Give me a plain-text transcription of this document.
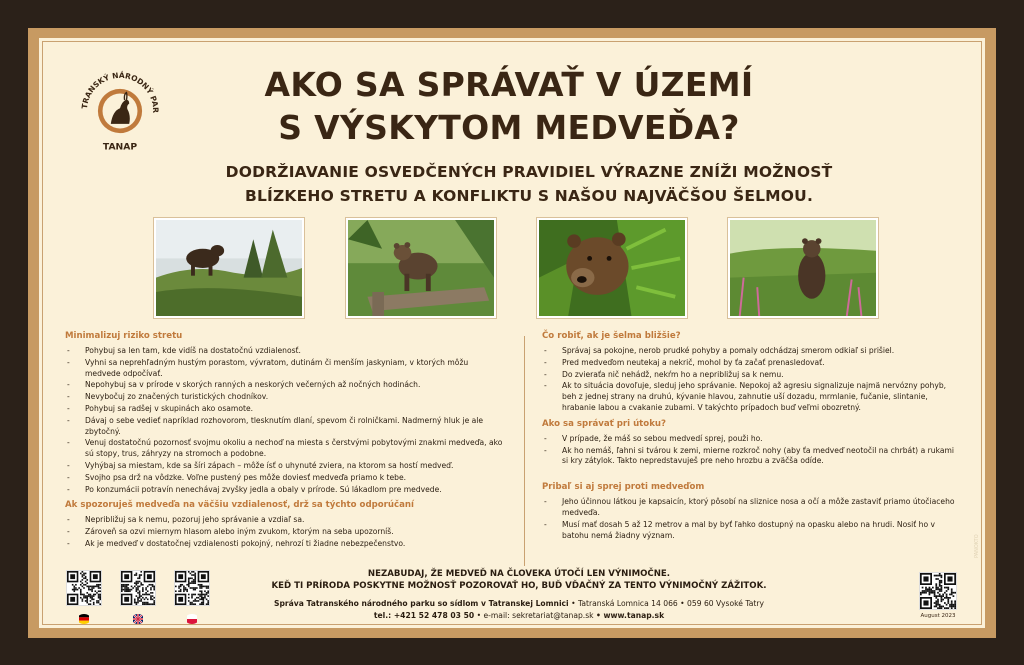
TRANSKÝ NÁRODNÝ PAR
TANAP
AKO SA SPRÁVAŤ V ÚZEMÍ
S VÝSKYTOM MEDVEĎA?
DODRŽIAVANIE OSVEDČENÝCH PRAVIDIEL VÝRAZNE ZNÍŽI MOŽNOSŤ
BLÍZKEHO STRETU A KONFLIKTU S NAŠOU NAJVÄČŠOU ŠELMOU.
Minimalizuj riziko stretu
- Pohybuj sa len tam, kde vidíš na dostatočnú vzdialenosť.
- Vyhni sa neprehľadným hustým porastom, vývratom, dutinám či menším jaskyniam, v ktorých môžu medvede odpočívať.
- Nepohybuj sa v prírode v skorých ranných a neskorých večerných až nočných hodinách.
- Nevybočuj zo značených turistických chodníkov.
- Pohybuj sa radšej v skupinách ako osamote.
- Dávaj o sebe vedieť napríklad rozhovorom, tlesknutím dlaní, spevom či rolničkami. Nadmerný hluk je ale zbytočný.
- Venuj dostatočnú pozornosť svojmu okoliu a nechoď na miesta s čerstvými pobytovými znakmi medveďa, ako sú stopy, trus, záhryzy na stromoch a podobne.
- Vyhýbaj sa miestam, kde sa šíri zápach – môže ísť o uhynuté zviera, na ktorom sa hostí medveď.
- Svojho psa drž na vôdzke. Voľne pustený pes môže doviesť medveďa priamo k tebe.
- Po konzumácii potravín nenechávaj zvyšky jedla a obaly v prírode. Sú lákadlom pre medvede.
Ak spozoruješ medveďa na väčšiu vzdialenosť, drž sa týchto odporúčaní
- Nepribližuj sa k nemu, pozoruj jeho správanie a vzdiaľ sa.
- Zároveň sa ozvi miernym hlasom alebo iným zvukom, ktorým na seba upozorníš.
- Ak je medveď v dostatočnej vzdialenosti pokojný, nehrozí ti žiadne nebezpečenstvo.
Čo robiť, ak je šelma bližšie?
- Správaj sa pokojne, nerob prudké pohyby a pomaly odchádzaj smerom odkiaľ si prišiel.
- Pred medveďom neutekaj a nekrič, mohol by ťa začať prenasledovať.
- Do zvieraťa nič nehádž, nekŕm ho a nepribližuj sa k nemu.
- Ak to situácia dovoľuje, sleduj jeho správanie. Nepokoj až agresiu signalizuje najmä nervózny pohyb, beh z jednej strany na druhú, kývanie hlavou, zahnutie uší dozadu, mrmlanie, fučanie, slintanie, hrabanie labou a cvakanie zubami. V takýchto prípadoch buď veľmi obozretný.
Ako sa správať pri útoku?
- V prípade, že máš so sebou medvedí sprej, použi ho.
- Ak ho nemáš, ľahni si tvárou k zemi, mierne rozkroč nohy (aby ťa medveď neotočil na chrbát) a rukami si kry zátylok. Takto nepredstavuješ pre neho hrozbu a zväčša odíde.
Pribaľ si aj sprej proti medveďom
- Jeho účinnou látkou je kapsaicín, ktorý pôsobí na sliznice nosa a očí a môže zastaviť priamo útočiaceho medveďa.
- Musí mať dosah 5 až 12 metrov a mal by byť ľahko dostupný na opasku alebo na hrudi. Nosiť ho v batohu nemá žiadny význam.
NEZABUDAJ, ŽE MEDVEĎ NA ČLOVEKA ÚTOČÍ LEN VÝNIMOČNE.
KEĎ TI PRÍRODA POSKYTNE MOŽNOSŤ POZOROVAŤ HO, BUĎ VĎAČNÝ ZA TENTO VÝNIMOČNÝ ZÁŽITOK.
Správa Tatranského národného parku so sídlom v Tatranskej Lomnici • Tatranská Lomnica 14 066 • 059 60 Vysoké Tatry
tel.: +421 52 478 03 50 • e-mail: sekretariat@tanap.sk • www.tanap.sk	August 2023
PANOKTO
